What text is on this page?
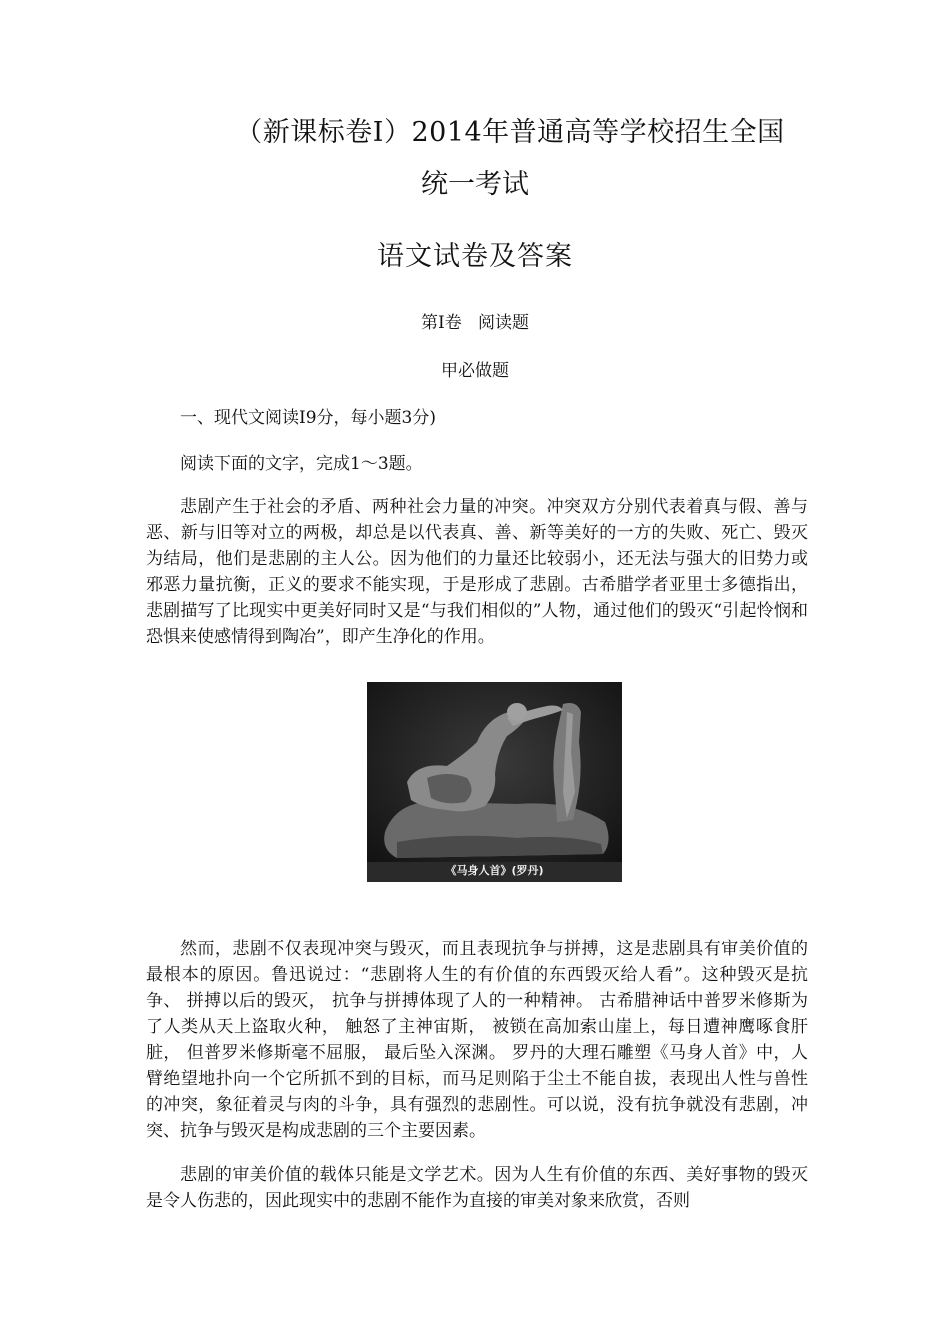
（新课标卷Ⅰ）2014年普通高等学校招生全国
统一考试
语文试卷及答案
第Ⅰ卷   阅读题
甲必做题
一、现代文阅读Ⅰ9分，每小题3分)
阅读下面的文字，完成1～3题。

悲剧产生于社会的矛盾、两种社会力量的冲突。冲突双方分别代表着真与假、善与恶、新与旧等对立的两极，却总是以代表真、善、新等美好的一方的失败、死亡、毁灭为结局，他们是悲剧的主人公。因为他们的力量还比较弱小，还无法与强大的旧势力或邪恶力量抗衡，正义的要求不能实现，于是形成了悲剧。古希腊学者亚里士多德指出，悲剧描写了比现实中更美好同时又是“与我们相似的”人物，通过他们的毁灭“引起怜悯和恐惧来使感情得到陶冶”，即产生净化的作用。

《马身人首》(罗丹)

然而，悲剧不仅表现冲突与毁灭，而且表现抗争与拼搏，这是悲剧具有审美价值的最根本的原因。鲁迅说过：“悲剧将人生的有价值的东西毁灭给人看”。这种毁灭是抗争、 拼搏以后的毁灭， 抗争与拼搏体现了人的一种精神。 古希腊神话中普罗米修斯为了人类从天上盗取火种， 触怒了主神宙斯， 被锁在高加索山崖上，每日遭神鹰啄食肝脏， 但普罗米修斯毫不屈服， 最后坠入深渊。 罗丹的大理石雕塑《马身人首》中，人臂绝望地扑向一个它所抓不到的目标，而马足则陷于尘土不能自拔，表现出人性与兽性的冲突，象征着灵与肉的斗争，具有强烈的悲剧性。可以说，没有抗争就没有悲剧，冲突、抗争与毁灭是构成悲剧的三个主要因素。

悲剧的审美价值的载体只能是文学艺术。因为人生有价值的东西、美好事物的毁灭是令人伤悲的，因此现实中的悲剧不能作为直接的审美对象来欣赏，否则
